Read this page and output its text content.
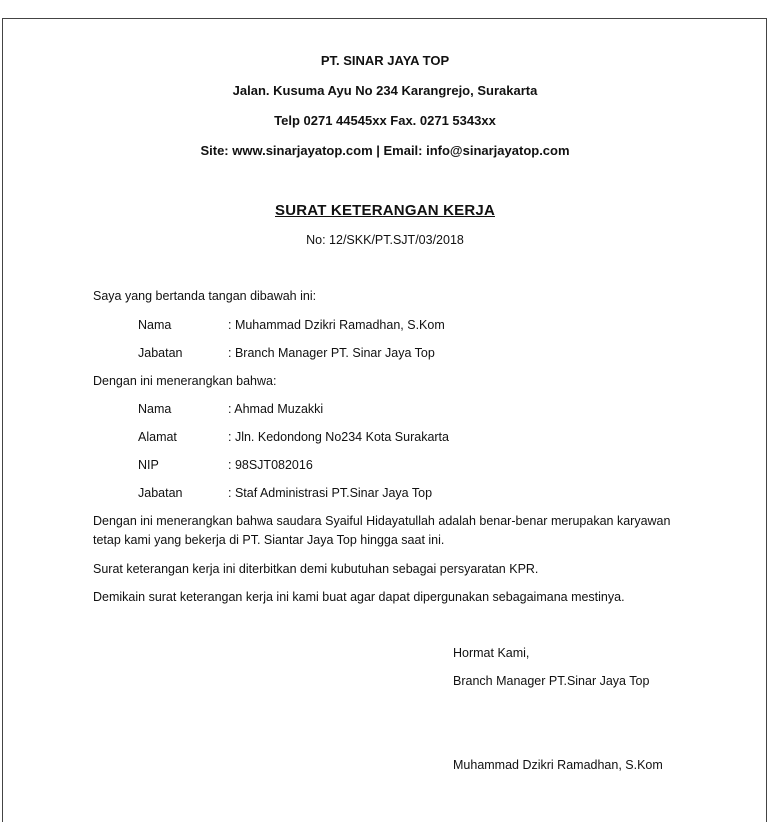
PT. SINAR JAYA TOP
Jalan. Kusuma Ayu No 234 Karangrejo, Surakarta
Telp 0271 44545xx Fax. 0271 5343xx
Site: www.sinarjayatop.com | Email: info@sinarjayatop.com
SURAT KETERANGAN KERJA
No: 12/SKK/PT.SJT/03/2018
Saya yang bertanda tangan dibawah ini:
Nama	: Muhammad Dzikri Ramadhan, S.Kom
Jabatan	: Branch Manager PT. Sinar Jaya Top
Dengan ini menerangkan bahwa:
Nama	: Ahmad Muzakki
Alamat	: Jln. Kedondong No234 Kota Surakarta
NIP	: 98SJT082016
Jabatan	: Staf Administrasi PT.Sinar Jaya Top
Dengan ini menerangkan bahwa saudara Syaiful Hidayatullah adalah benar-benar merupakan karyawan
tetap kami yang bekerja di PT. Siantar Jaya Top hingga saat ini.
Surat keterangan kerja ini diterbitkan demi kubutuhan sebagai persyaratan KPR.
Demikain surat keterangan kerja ini kami buat agar dapat dipergunakan sebagaimana mestinya.
Hormat Kami,
Branch Manager PT.Sinar Jaya Top
Muhammad Dzikri Ramadhan, S.Kom
